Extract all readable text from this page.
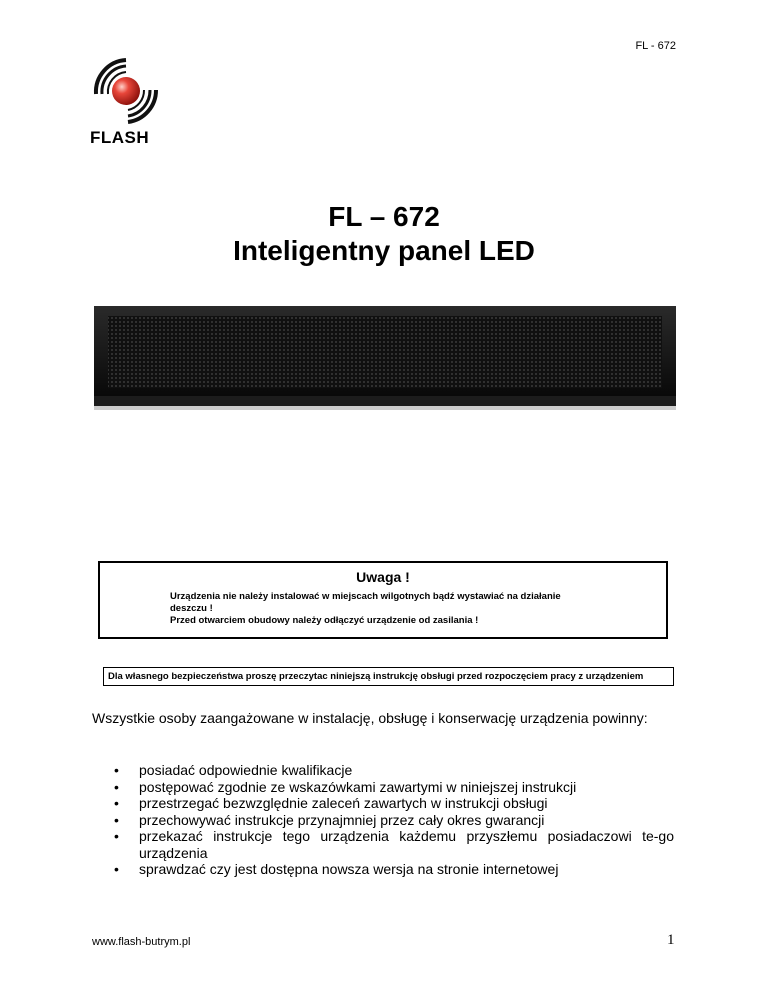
FL - 672
FLASH
FL – 672
Inteligentny panel LED
Uwaga !
Urządzenia nie należy instalować w miejscach wilgotnych bądź wystawiać na działanie
deszczu !
Przed otwarciem obudowy należy odłączyć urządzenie od zasilania !
Dla własnego bezpieczeństwa proszę przeczytac niniejszą instrukcję obsługi przed rozpoczęciem pracy z urządzeniem
Wszystkie osoby zaangażowane w instalację, obsługę i konserwację urządzenia powinny:
• posiadać odpowiednie kwalifikacje
• postępować zgodnie ze wskazówkami zawartymi w niniejszej instrukcji
• przestrzegać bezwzględnie zaleceń zawartych w instrukcji obsługi
• przechowywać instrukcje przynajmniej przez cały okres gwarancji
• przekazać instrukcje tego urządzenia każdemu przyszłemu posiadaczowi te-go urządzenia
• sprawdzać czy jest dostępna nowsza wersja na stronie internetowej
www.flash-butrym.pl	1
